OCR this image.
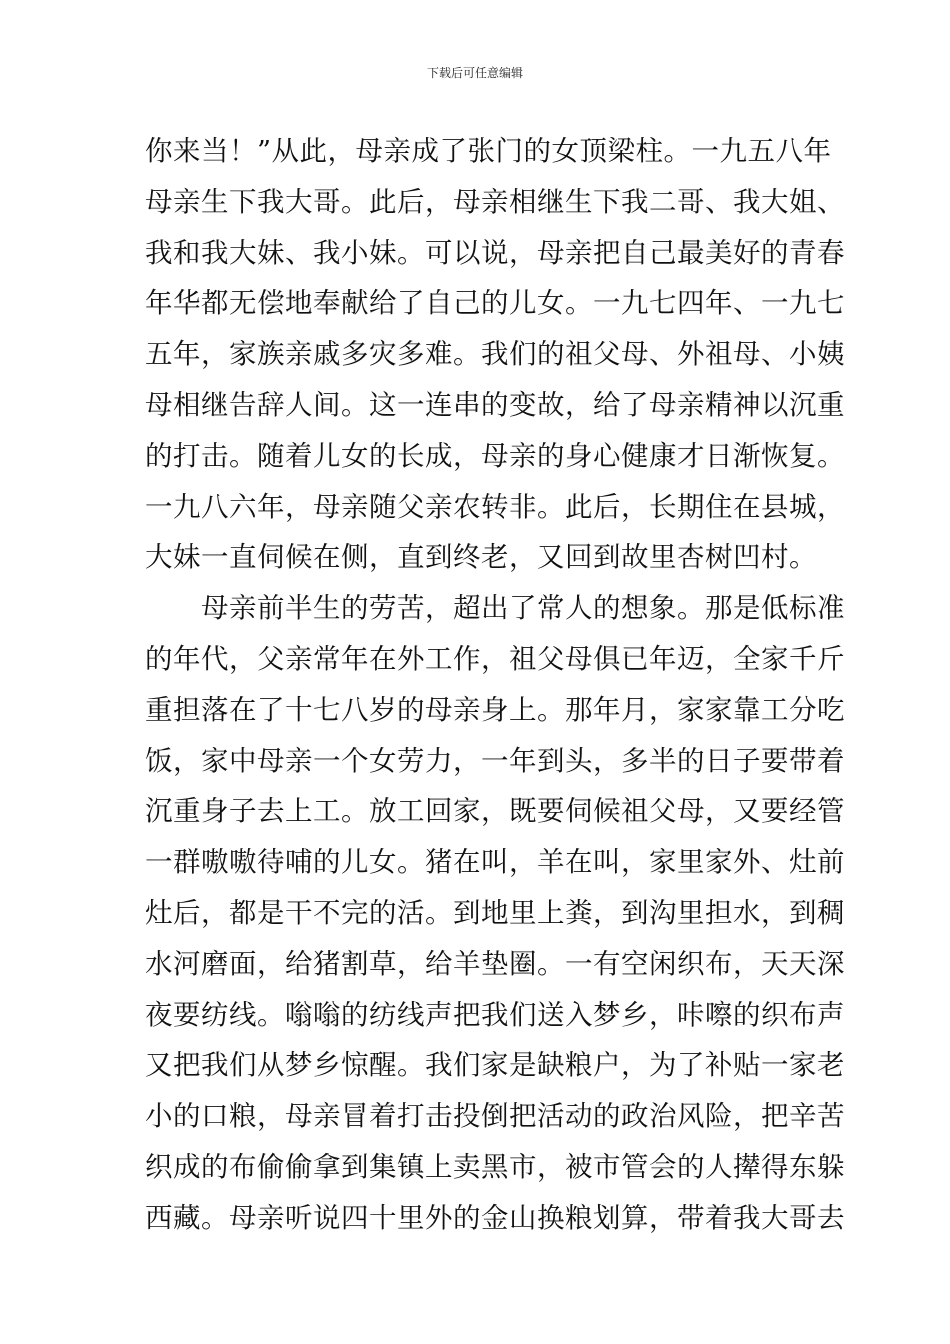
下载后可任意编辑
你来当！”从此，母亲成了张门的女顶梁柱。一九五八年
母亲生下我大哥。此后，母亲相继生下我二哥、我大姐、
我和我大妹、我小妹。可以说，母亲把自己最美好的青春
年华都无偿地奉献给了自己的儿女。一九七四年、一九七
五年，家族亲戚多灾多难。我们的祖父母、外祖母、小姨
母相继告辞人间。这一连串的变故，给了母亲精神以沉重
的打击。随着儿女的长成，母亲的身心健康才日渐恢复。
一九八六年，母亲随父亲农转非。此后，长期住在县城，
大妹一直伺候在侧，直到终老，又回到故里杏树凹村。
母亲前半生的劳苦，超出了常人的想象。那是低标准
的年代，父亲常年在外工作，祖父母俱已年迈，全家千斤
重担落在了十七八岁的母亲身上。那年月，家家靠工分吃
饭，家中母亲一个女劳力，一年到头，多半的日子要带着
沉重身子去上工。放工回家，既要伺候祖父母，又要经管
一群嗷嗷待哺的儿女。猪在叫，羊在叫，家里家外、灶前
灶后，都是干不完的活。到地里上粪，到沟里担水，到稠
水河磨面，给猪割草，给羊垫圈。一有空闲织布，天天深
夜要纺线。嗡嗡的纺线声把我们送入梦乡，咔嚓的织布声
又把我们从梦乡惊醒。我们家是缺粮户，为了补贴一家老
小的口粮，母亲冒着打击投倒把活动的政治风险，把辛苦
织成的布偷偷拿到集镇上卖黑市，被市管会的人撵得东躲
西藏。母亲听说四十里外的金山换粮划算，带着我大哥去
